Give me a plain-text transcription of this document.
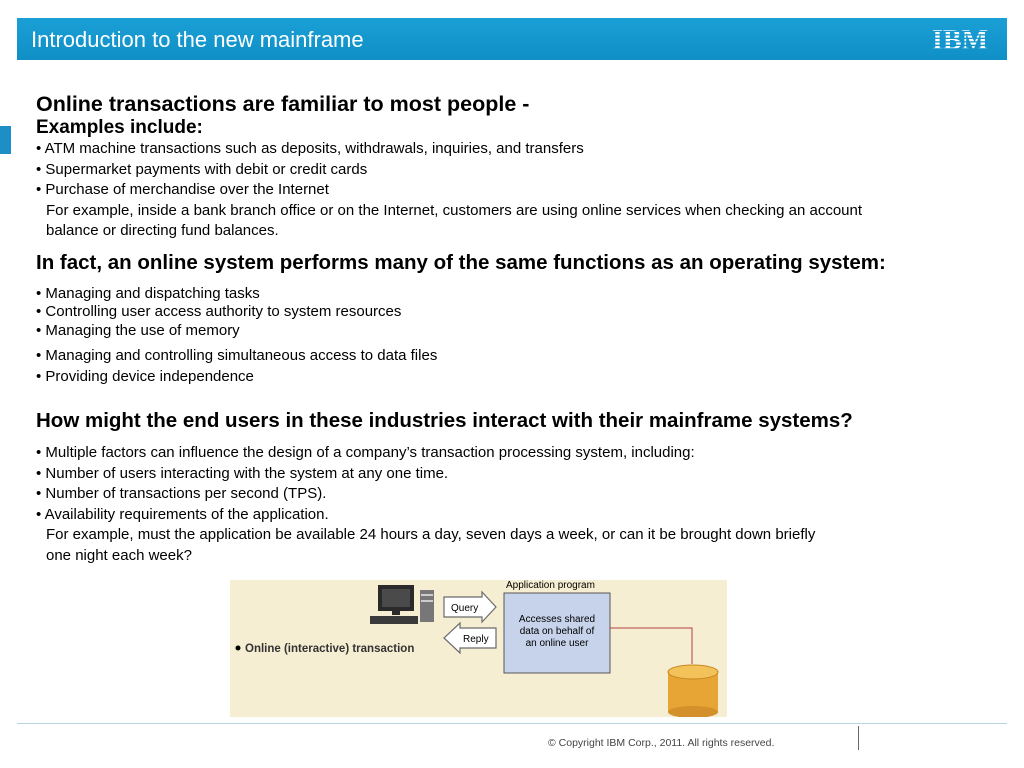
Introduction to the new mainframe	IBM
Online transactions are familiar to most people -
Examples include:
• ATM machine transactions such as deposits, withdrawals, inquiries, and transfers
• Supermarket payments with debit or credit cards
• Purchase of merchandise over the Internet
For example, inside a bank branch office or on the Internet, customers are using online services when checking an account
balance or directing fund balances.
In fact, an online system performs many of the same functions as an operating system:
• Managing and dispatching tasks
• Controlling user access authority to system resources
• Managing the use of memory
• Managing and controlling simultaneous access to data files
• Providing device independence
How might the end users in these industries interact with their mainframe systems?
• Multiple factors can influence the design of a company’s transaction processing system, including:
• Number of users interacting with the system at any one time.
• Number of transactions per second (TPS).
• Availability requirements of the application.
For example, must the application be available 24 hours a day, seven days a week, or can it be brought down briefly
one night each week?
Query
Reply
Application program
Accesses shared
data on behalf of
an online user
Online (interactive) transaction
© Copyright IBM Corp., 2011. All rights reserved.
